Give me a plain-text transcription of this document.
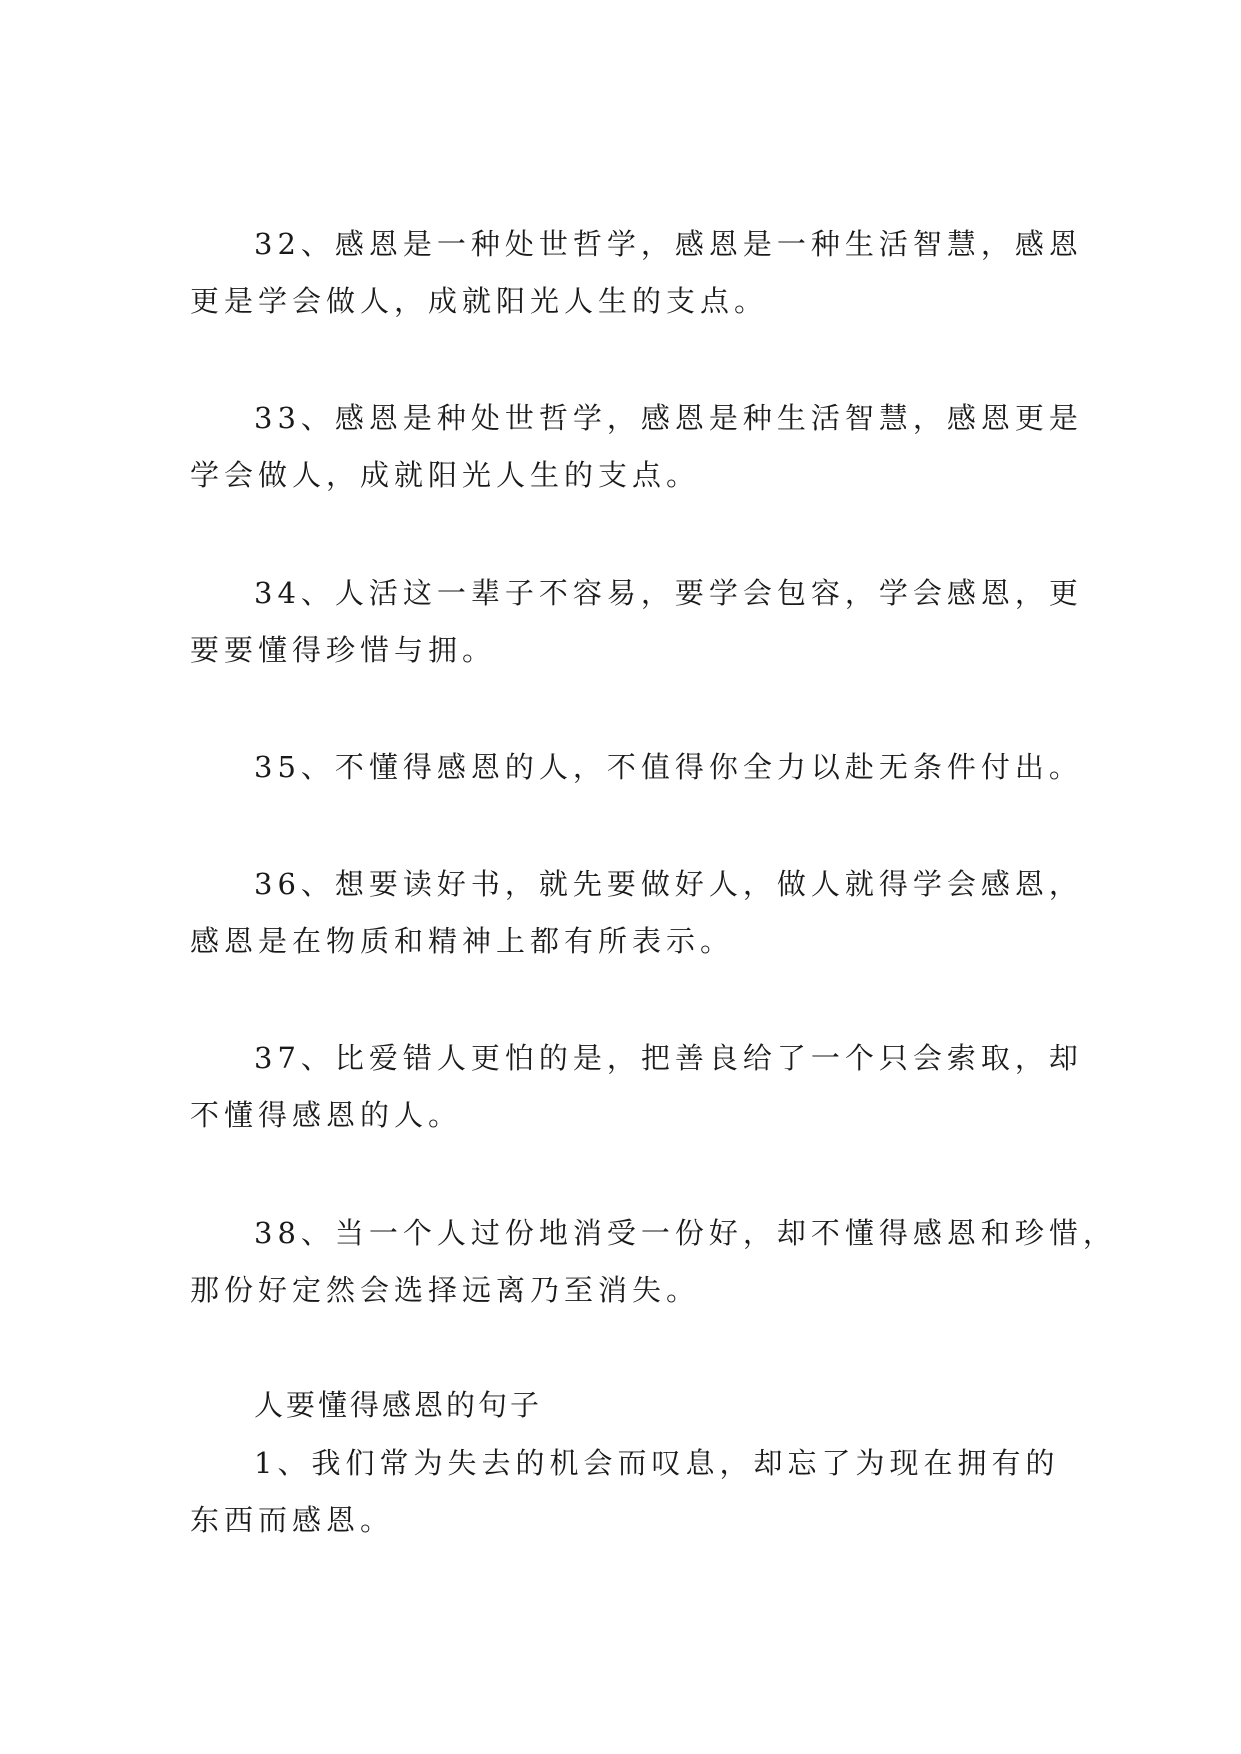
32、感恩是一种处世哲学，感恩是一种生活智慧，感恩
更是学会做人，成就阳光人生的支点。
33、感恩是种处世哲学，感恩是种生活智慧，感恩更是
学会做人，成就阳光人生的支点。
34、人活这一辈子不容易，要学会包容，学会感恩，更
要要懂得珍惜与拥。
35、不懂得感恩的人，不值得你全力以赴无条件付出。
36、想要读好书，就先要做好人，做人就得学会感恩，
感恩是在物质和精神上都有所表示。
37、比爱错人更怕的是，把善良给了一个只会索取，却
不懂得感恩的人。
38、当一个人过份地消受一份好，却不懂得感恩和珍惜，
那份好定然会选择远离乃至消失。
人要懂得感恩的句子
1、我们常为失去的机会而叹息，却忘了为现在拥有的
东西而感恩。
